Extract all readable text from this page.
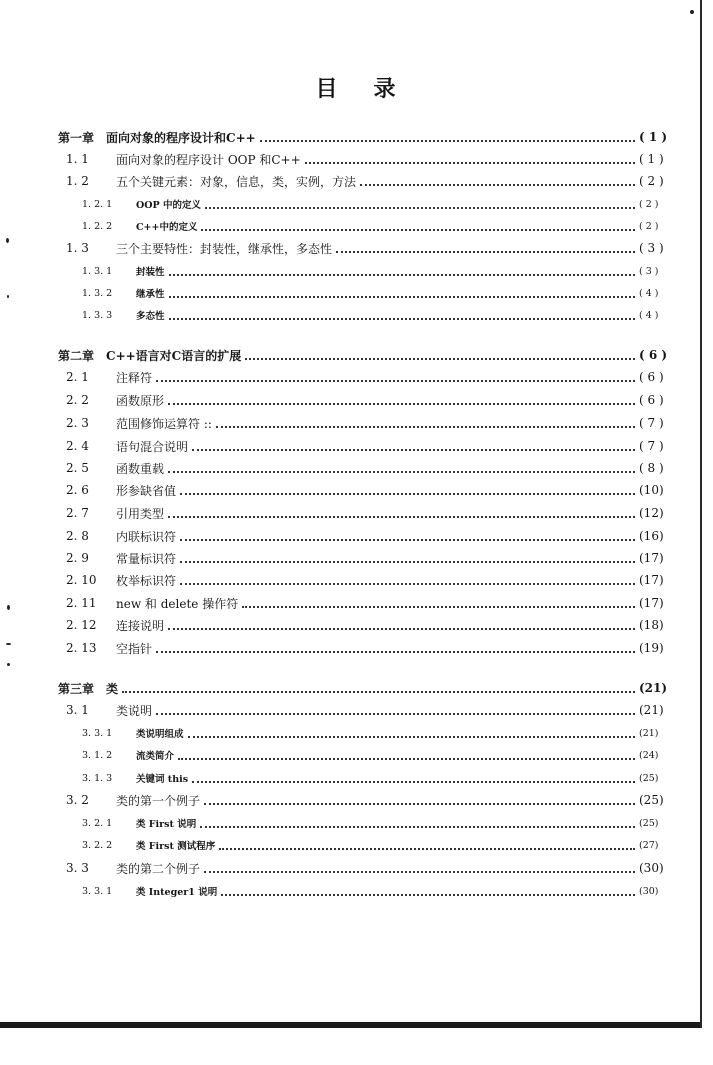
目 录
第一章 面向对象的程序设计和C++	( 1 )
1. 1	面向对象的程序设计 OOP 和C++	( 1 )
1. 2	五个关键元素：对象，信息，类，实例，方法	( 2 )
1. 2. 1	OOP 中的定义	( 2 )
1. 2. 2	C++中的定义	( 2 )
1. 3	三个主要特性：封装性，继承性，多态性	( 3 )
1. 3. 1	封装性	( 3 )
1. 3. 2	继承性	( 4 )
1. 3. 3	多态性	( 4 )
第二章 C++语言对C语言的扩展	( 6 )
2. 1	注释符	( 6 )
2. 2	函数原形	( 6 )
2. 3	范围修饰运算符 ::	( 7 )
2. 4	语句混合说明	( 7 )
2. 5	函数重载	( 8 )
2. 6	形参缺省值	(10)
2. 7	引用类型	(12)
2. 8	内联标识符	(16)
2. 9	常量标识符	(17)
2. 10	枚举标识符	(17)
2. 11	new 和 delete 操作符	(17)
2. 12	连接说明	(18)
2. 13	空指针	(19)
第三章 类	(21)
3. 1	类说明	(21)
3. 3. 1	类说明组成	(21)
3. 1. 2	流类简介	(24)
3. 1. 3	关键词 this	(25)
3. 2	类的第一个例子	(25)
3. 2. 1	类 First 说明	(25)
3. 2. 2	类 First 测试程序	(27)
3. 3	类的第二个例子	(30)
3. 3. 1	类 Integer1 说明	(30)
